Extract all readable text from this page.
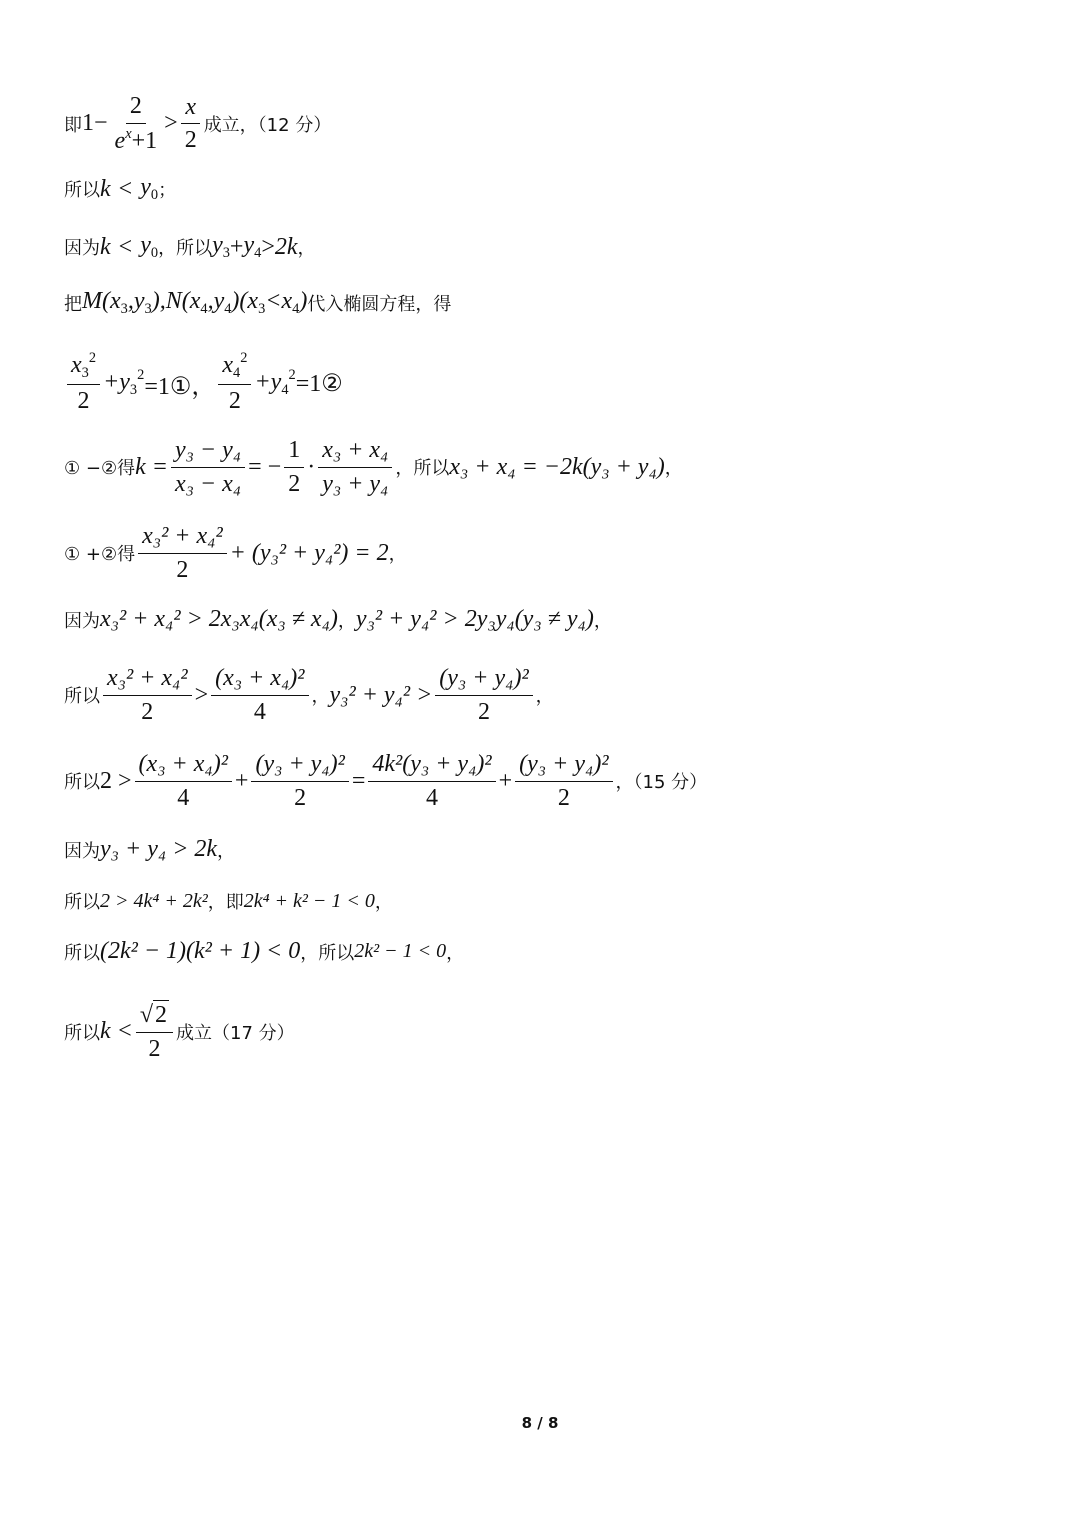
即 $1 - \frac{2}{e^x+1} > \frac{x}{2}$ 成立，（12 分）
所以 $k < y_0$ ；
因为 $k < y_0$ ，所以 $y_3 + y_4 > 2k$ ，
把 $M(x_3,y_3),N(x_4,y_4)(x_3<x_4)$ 代入椭圆方程，得
$\frac{x_3^2}{2} +y_3^2$ =1①， $\frac{x_4^2}{2} +y_4^2$ =1②
① −②得 $k = \frac{\text{y₃ − y₄}}{\text{x₃ − x₄}}$ = − $\frac{1}{2} \cdot \frac{\text{x₃ + x₄}}{\text{y₃ + y₄}}$ ，所以 x₃ + x₄ = −2k(y₃ + y₄) ，
① +②得 $\frac{\text{x₃² + x₄²}}{2} + (y_3^2 + y_4^2) = 2$ ，
因为 x₃² + x₄² > 2x₃x₄(x₃ ≠ x₄) ， y₃² + y₄² > 2y₃y₄(y₃ ≠ y₄) ，
所以 $\frac{\text{x₃² + x₄²}}{2} > \frac{\text{(x₃ + x₄)²}}{4}$ ， $y_3^2 + y_4^2 > \frac{\text{(y₃ + y₄)²}}{2}$ ，
所以 $2 > \frac{\text{(x₃ + x₄)²}}{4} + \frac{\text{(y₃ + y₄)²}}{2} = \frac{\text{4k²(y₃ + y₄)²}}{4} + \frac{\text{(y₃ + y₄)²}}{2}$ ，（15 分）
因为 y₃ + y₄ > 2k ，
所以 2 > 4k⁴ + 2k² ，即 2k⁴ + k² − 1 < 0 ，
所以 (2k² − 1)(k² + 1) < 0 ，所以 2k² − 1 < 0 ，
所以 $k < \frac{√ 2}{2}$ 成立（17 分）
8 / 8
